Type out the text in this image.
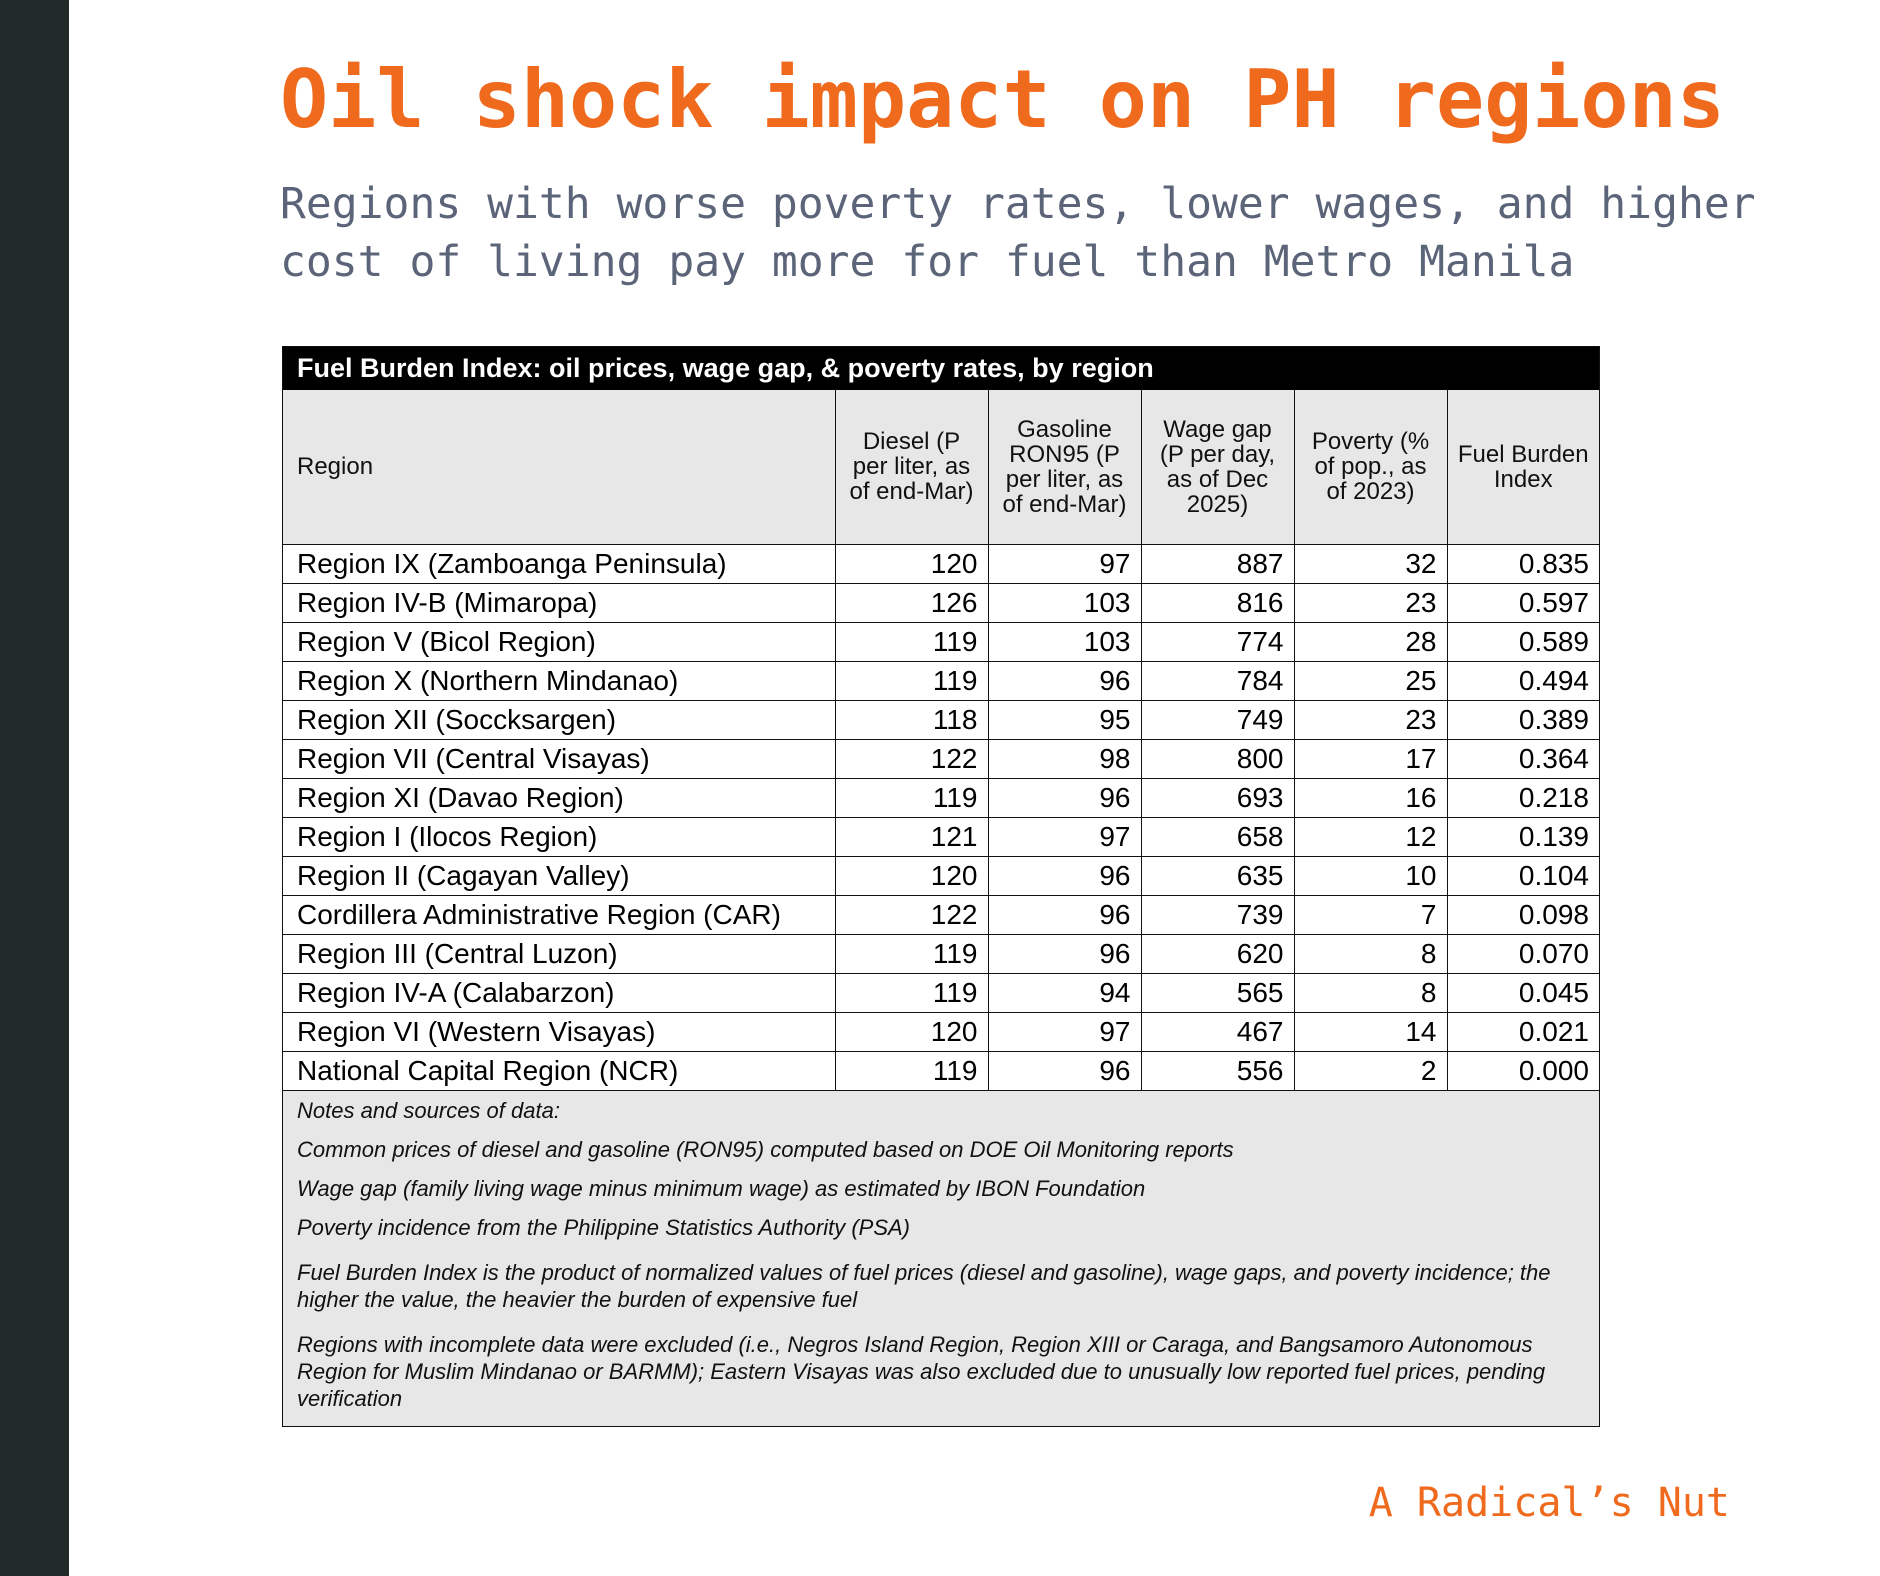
Oil shock impact on PH regions

Regions with worse poverty rates, lower wages, and higher cost of living pay more for fuel than Metro Manila

Fuel Burden Index: oil prices, wage gap, & poverty rates, by region
Region	Diesel (P per liter, as of end-Mar)	Gasoline RON95 (P per liter, as of end-Mar)	Wage gap (P per day, as of Dec 2025)	Poverty (% of pop., as of 2023)	Fuel Burden Index
Region IX (Zamboanga Peninsula)	120	97	887	32	0.835
Region IV-B (Mimaropa)	126	103	816	23	0.597
Region V (Bicol Region)	119	103	774	28	0.589
Region X (Northern Mindanao)	119	96	784	25	0.494
Region XII (Soccksargen)	118	95	749	23	0.389
Region VII (Central Visayas)	122	98	800	17	0.364
Region XI (Davao Region)	119	96	693	16	0.218
Region I (Ilocos Region)	121	97	658	12	0.139
Region II (Cagayan Valley)	120	96	635	10	0.104
Cordillera Administrative Region (CAR)	122	96	739	7	0.098
Region III (Central Luzon)	119	96	620	8	0.070
Region IV-A (Calabarzon)	119	94	565	8	0.045
Region VI (Western Visayas)	120	97	467	14	0.021
National Capital Region (NCR)	119	96	556	2	0.000

Notes and sources of data:

Common prices of diesel and gasoline (RON95) computed based on DOE Oil Monitoring reports

Wage gap (family living wage minus minimum wage) as estimated by IBON Foundation

Poverty incidence from the Philippine Statistics Authority (PSA)

Fuel Burden Index is the product of normalized values of fuel prices (diesel and gasoline), wage gaps, and poverty incidence; the higher the value, the heavier the burden of expensive fuel

Regions with incomplete data were excluded (i.e., Negros Island Region, Region XIII or Caraga, and Bangsamoro Autonomous Region for Muslim Mindanao or BARMM); Eastern Visayas was also excluded due to unusually low reported fuel prices, pending verification

A Radical’s Nut
